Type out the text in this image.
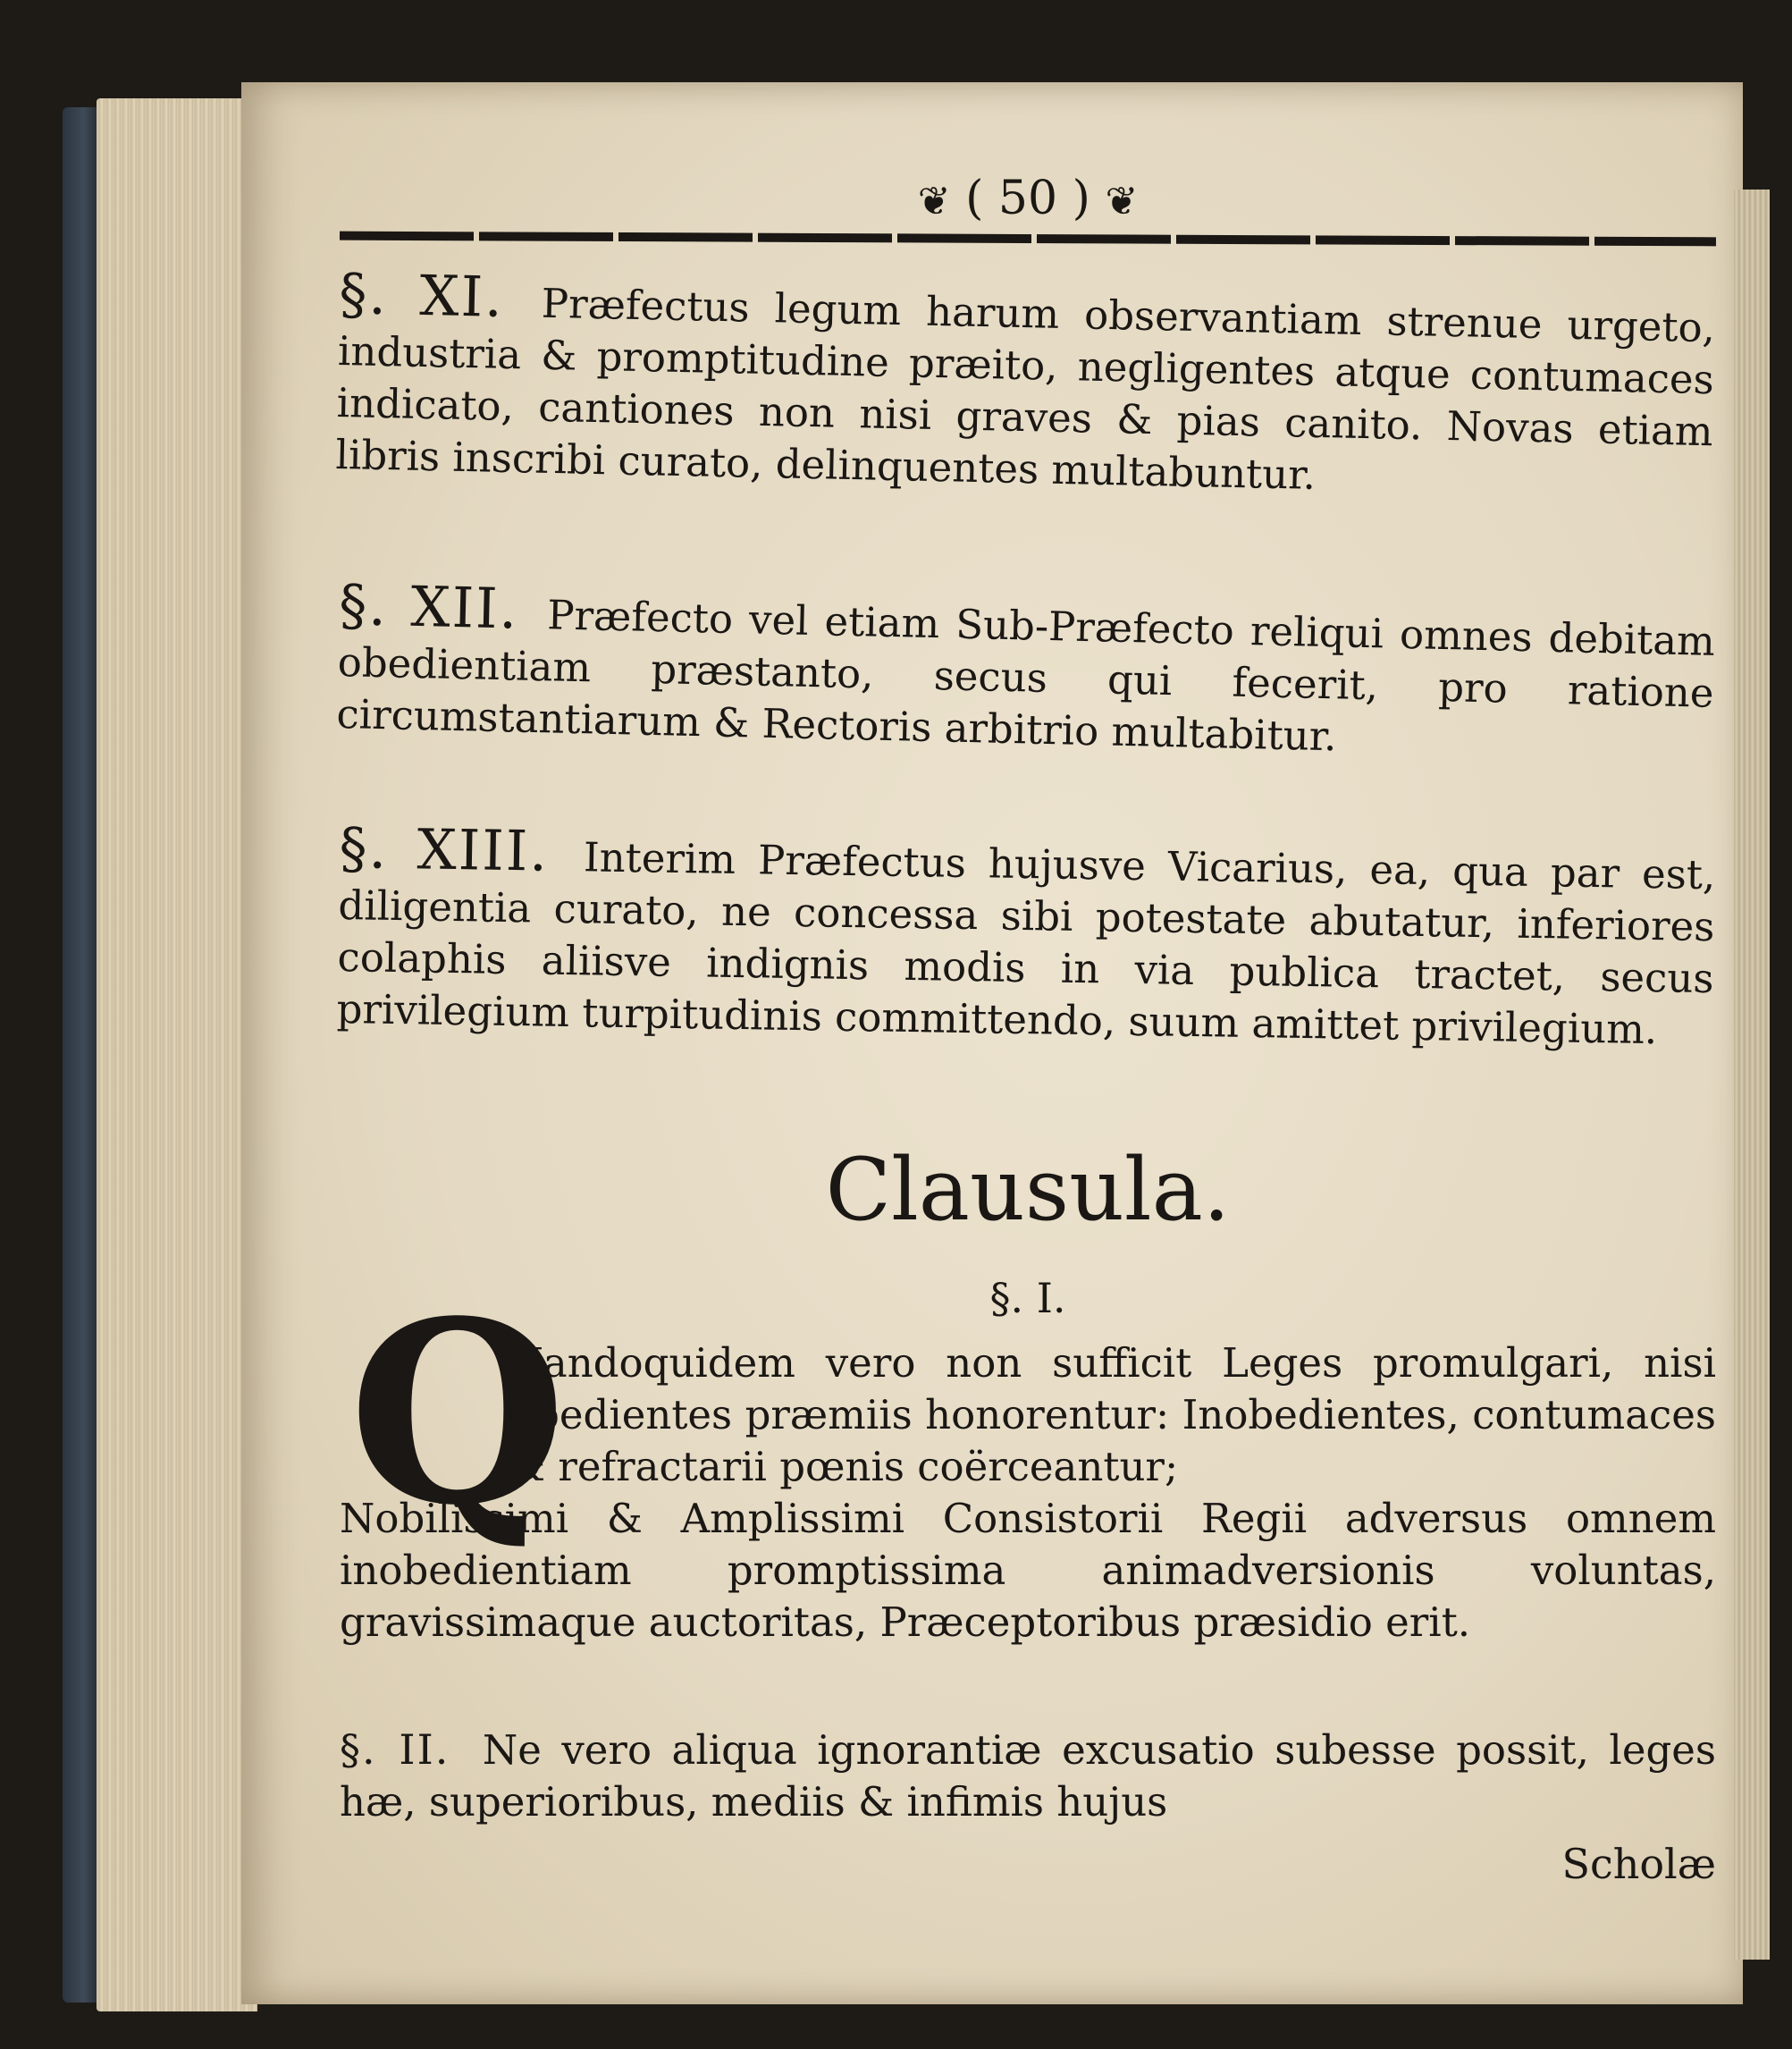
❦ ( 50 ) ❦

§. XI. Præfectus legum harum observantiam strenue urgeto, industria & promptitudine præito, negligentes atque contumaces indicato, cantiones non nisi graves & pias canito. Novas etiam libris inscribi curato, delinquentes multabuntur.

§. XII. Præfecto vel etiam Sub-Præfecto reliqui omnes debitam obedientiam præstanto, secus qui fecerit, pro ratione circumstantiarum & Rectoris arbitrio multabitur.

§. XIII. Interim Præfectus hujusve Vicarius, ea, qua par est, diligentia curato, ne concessa sibi potestate abutatur, inferiores colaphis aliisve indignis modis in via publica tractet, secus privilegium turpitudinis committendo, suum amittet privilegium.

Clausula.
§. I.
Q

Uandoquidem vero non sufficit Leges promulgari, nisi obedientes præmiis honorentur: Inobedientes, contumaces & refractarii pœnis coërceantur;
Nobilissimi & Amplissimi Consistorii Regii adversus omnem inobedientiam promptissima animadversionis voluntas, gravissimaque auctoritas, Præceptoribus præsidio erit.

§. II. Ne vero aliqua ignorantiæ excusatio subesse possit, leges hæ, superioribus, mediis & infimis hujus

Scholæ
